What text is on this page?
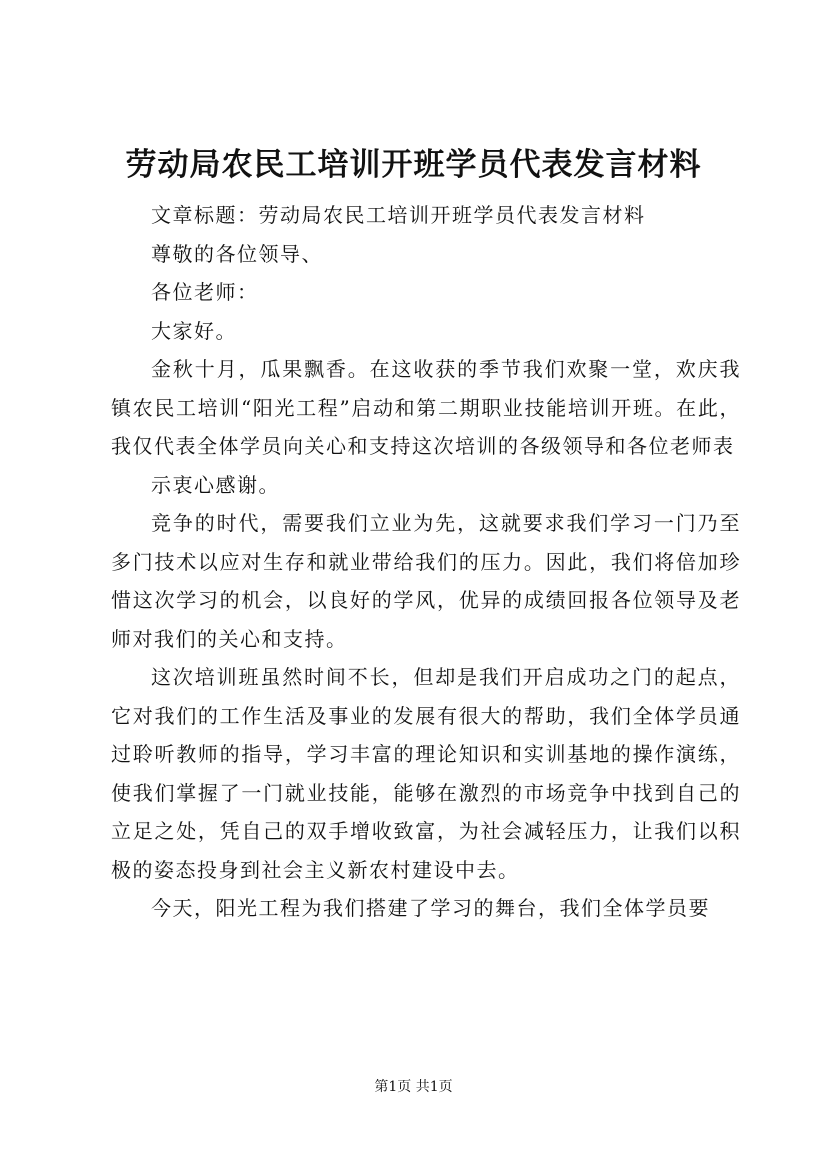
劳动局农民工培训开班学员代表发言材料

文章标题：劳动局农民工培训开班学员代表发言材料

尊敬的各位领导、

各位老师：

大家好。

金秋十月，瓜果飘香。在这收获的季节我们欢聚一堂，欢庆我镇农民工培训“阳光工程”启动和第二期职业技能培训开班。在此，我仅代表全体学员向关心和支持这次培训的各级领导和各位老师表

示衷心感谢。

竞争的时代，需要我们立业为先，这就要求我们学习一门乃至多门技术以应对生存和就业带给我们的压力。因此，我们将倍加珍惜这次学习的机会，以良好的学风，优异的成绩回报各位领导及老师对我们的关心和支持。

这次培训班虽然时间不长，但却是我们开启成功之门的起点，它对我们的工作生活及事业的发展有很大的帮助，我们全体学员通过聆听教师的指导，学习丰富的理论知识和实训基地的操作演练，使我们掌握了一门就业技能，能够在激烈的市场竞争中找到自己的立足之处，凭自己的双手增收致富，为社会减轻压力，让我们以积极的姿态投身到社会主义新农村建设中去。

今天，阳光工程为我们搭建了学习的舞台，我们全体学员要

第1页 共1页
